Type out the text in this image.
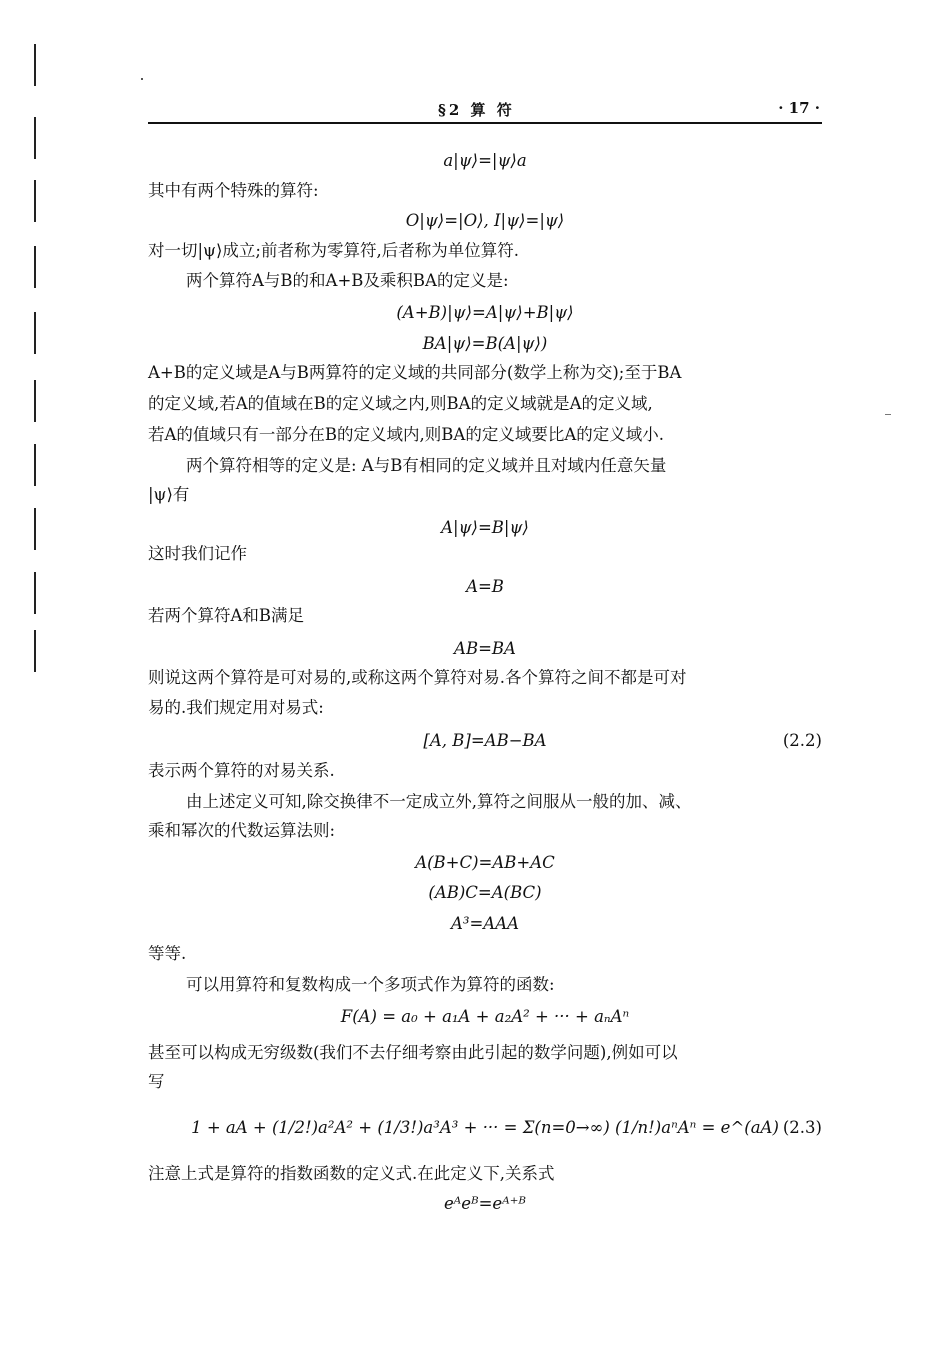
§2 算 符	· 17 ·
a|ψ⟩=|ψ⟩a
其中有两个特殊的算符:
O|ψ⟩=|O⟩, I|ψ⟩=|ψ⟩
对一切|ψ⟩成立;前者称为零算符,后者称为单位算符.
两个算符A与B的和A+B及乘积BA的定义是:
(A+B)|ψ⟩=A|ψ⟩+B|ψ⟩
BA|ψ⟩=B(A|ψ⟩)
A+B的定义域是A与B两算符的定义域的共同部分(数学上称为交);至于BA
的定义域,若A的值域在B的定义域之内,则BA的定义域就是A的定义域,
若A的值域只有一部分在B的定义域内,则BA的定义域要比A的定义域小.
两个算符相等的定义是: A与B有相同的定义域并且对域内任意矢量
|ψ⟩有
A|ψ⟩=B|ψ⟩
这时我们记作
A=B
若两个算符A和B满足
AB=BA
则说这两个算符是可对易的,或称这两个算符对易.各个算符之间不都是可对
易的.我们规定用对易式:
[A, B]=AB−BA	(2.2)
表示两个算符的对易关系.
由上述定义可知,除交换律不一定成立外,算符之间服从一般的加、减、
乘和幂次的代数运算法则:
A(B+C)=AB+AC
(AB)C=A(BC)
A³=AAA
等等.
可以用算符和复数构成一个多项式作为算符的函数:
F(A) = a₀ + a₁A + a₂A² + ··· + aₙAⁿ
甚至可以构成无穷级数(我们不去仔细考察由此引起的数学问题),例如可以
写
1 + aA + (1/2!)a²A² + (1/3!)a³A³ + ··· = Σ(n=0→∞) (1/n!)aⁿAⁿ = e^(aA) (2.3)
注意上式是算符的指数函数的定义式.在此定义下,关系式
eᴬeᴮ=eᴬ⁺ᴮ
